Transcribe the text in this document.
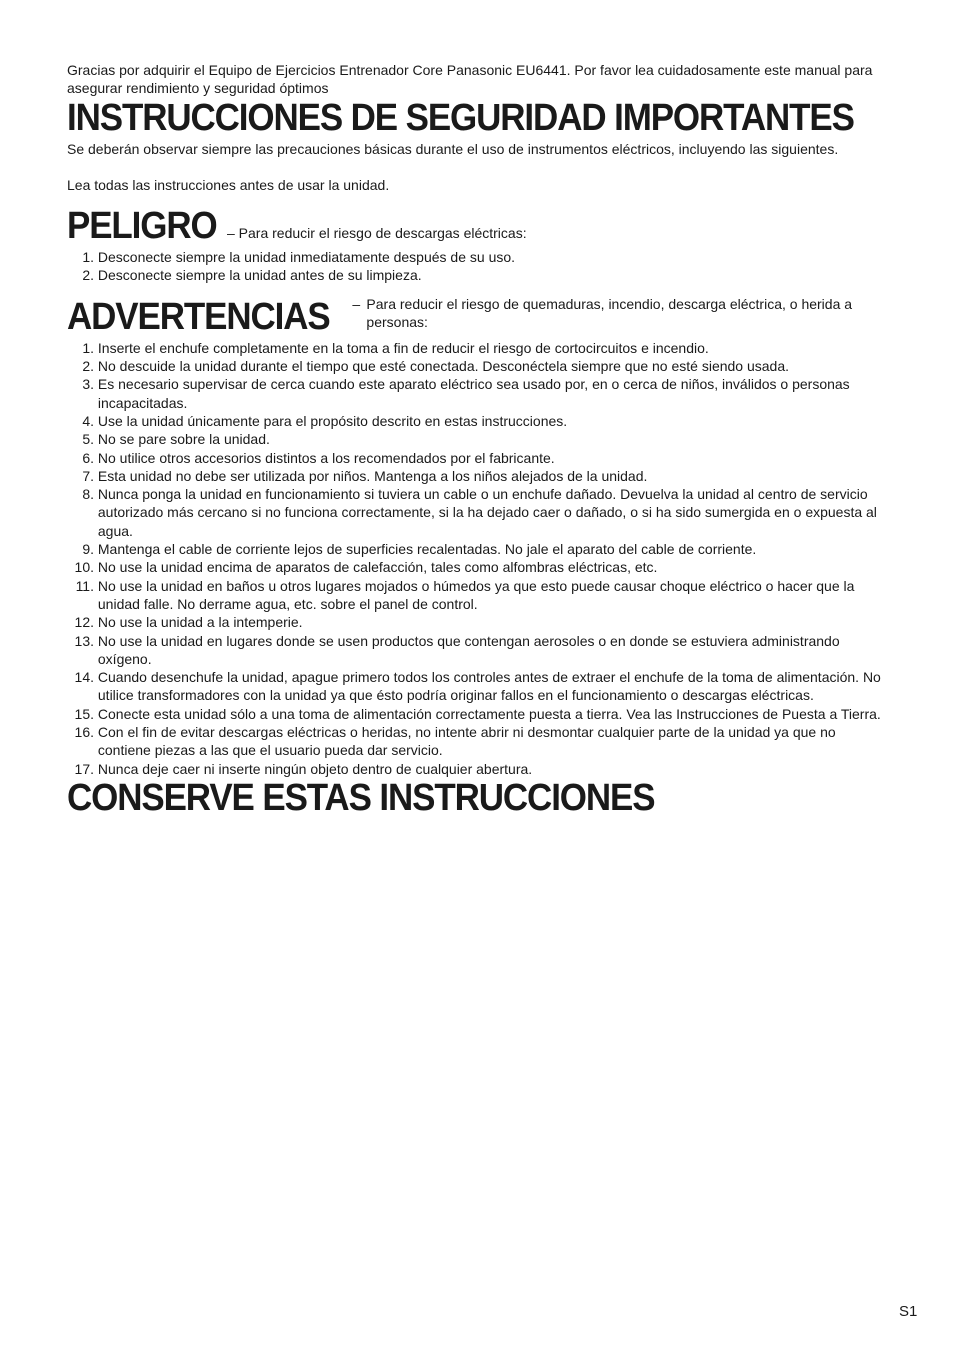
Gracias por adquirir el Equipo de Ejercicios Entrenador Core Panasonic EU6441. Por favor lea cuidadosamente este manual para asegurar rendimiento y seguridad óptimos

INSTRUCCIONES DE SEGURIDAD IMPORTANTES

Se deberán observar siempre las precauciones básicas durante el uso de instrumentos eléctricos, incluyendo las siguientes.

Lea todas las instrucciones antes de usar la unidad.

PELIGRO – Para reducir el riesgo de descargas eléctricas:
1.
Desconecte siempre la unidad inmediatamente después de su uso.
2.
Desconecte siempre la unidad antes de su limpieza.
ADVERTENCIAS – Para reducir el riesgo de quemaduras, incendio, descarga eléctrica, o herida a personas:
1.
Inserte el enchufe completamente en la toma a fin de reducir el riesgo de cortocircuitos e incendio.
2.
No descuide la unidad durante el tiempo que esté conectada. Desconéctela siempre que no esté siendo usada.
3.
Es necesario supervisar de cerca cuando este aparato eléctrico sea usado por, en o cerca de niños, inválidos o personas incapacitadas.
4.
Use la unidad únicamente para el propósito descrito en estas instrucciones.
5.
No se pare sobre la unidad.
6.
No utilice otros accesorios distintos a los recomendados por el fabricante.
7.
Esta unidad no debe ser utilizada por niños. Mantenga a los niños alejados de la unidad.
8.
Nunca ponga la unidad en funcionamiento si tuviera un cable o un enchufe dañado. Devuelva la unidad al centro de servicio autorizado más cercano si no funciona correctamente, si la ha dejado caer o dañado, o si ha sido sumergida en o expuesta al agua.
9.
Mantenga el cable de corriente lejos de superficies recalentadas. No jale el aparato del cable de corriente.
10.
No use la unidad encima de aparatos de calefacción, tales como alfombras eléctricas, etc.
11.
No use la unidad en baños u otros lugares mojados o húmedos ya que esto puede causar choque eléctrico o hacer que la unidad falle. No derrame agua, etc. sobre el panel de control.
12.
No use la unidad a la intemperie.
13.
No use la unidad en lugares donde se usen productos que contengan aerosoles o en donde se estuviera administrando oxígeno.
14.
Cuando desenchufe la unidad, apague primero todos los controles antes de extraer el enchufe de la toma de alimentación. No utilice transformadores con la unidad ya que ésto podría originar fallos en el funcionamiento o descargas eléctricas.
15.
Conecte esta unidad sólo a una toma de alimentación correctamente puesta a tierra. Vea las Instrucciones de Puesta a Tierra.
16.
Con el fin de evitar descargas eléctricas o heridas, no intente abrir ni desmontar cualquier parte de la unidad ya que no contiene piezas a las que el usuario pueda dar servicio.
17.
Nunca deje caer ni inserte ningún objeto dentro de cualquier abertura.
CONSERVE ESTAS INSTRUCCIONES
S1
